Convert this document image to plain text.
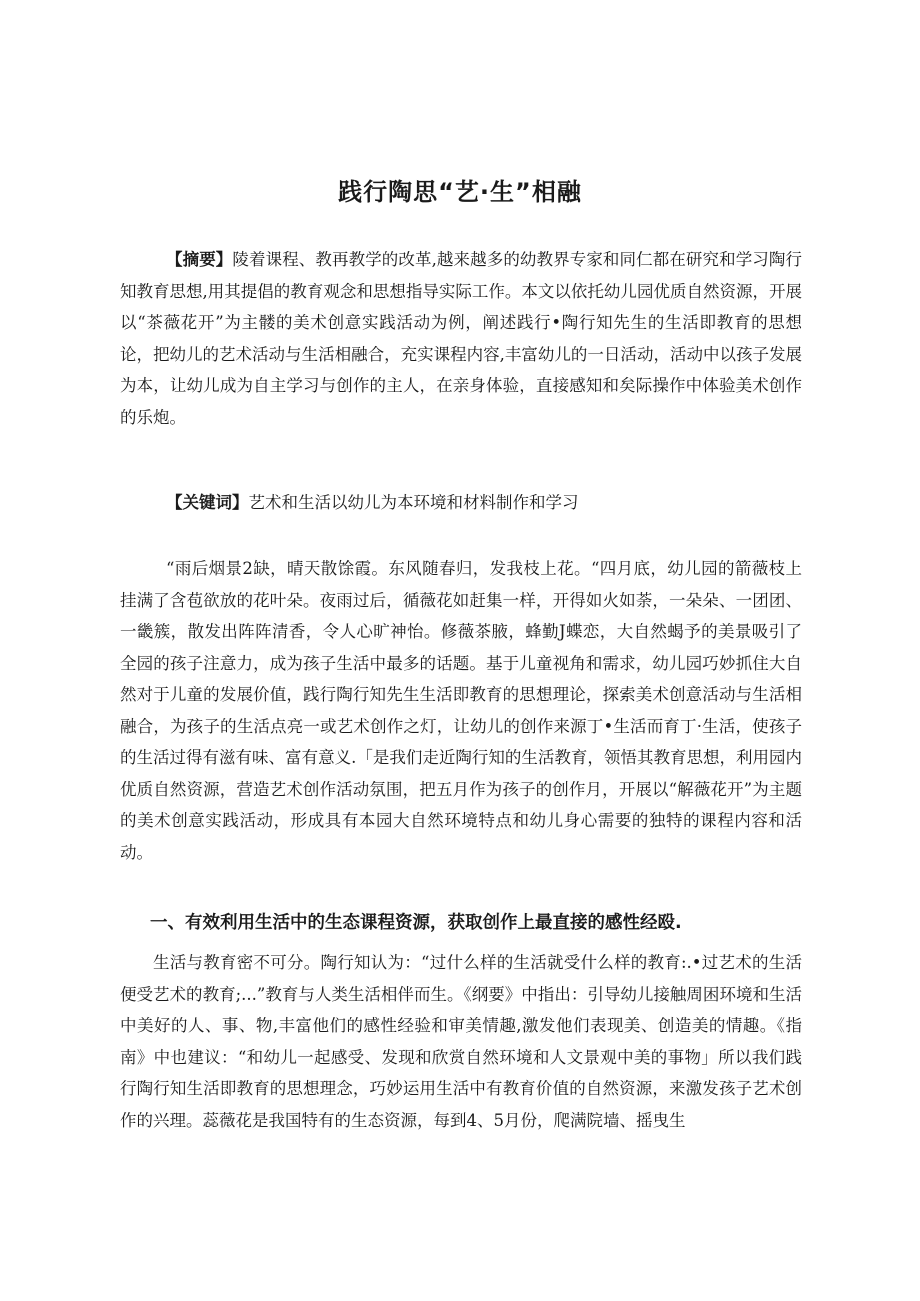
践行陶思“艺·生”相融

【摘要】陵着课程、教再教学的改革,越来越多的幼教界专家和同仁都在研究和学习陶行知教育思想,用其提倡的教育观念和思想指导实际工作。本文以依托幼儿园优质自然资源，开展以“茶薇花开”为主髅的美术创意实践活动为例，阐述践行•陶行知先生的生活即教育的思想论，把幼儿的艺术活动与生活相融合，充实课程内容,丰富幼儿的一日活动，活动中以孩子发展为本，让幼儿成为自主学习与创作的主人，在亲身体验，直接感知和矣际操作中体验美术创作的乐炮。

【关键词】艺术和生活以幼儿为本环境和材料制作和学习

“雨后烟景2缺，晴天散馀霞。东风随春归，发我枝上花。“四月底，幼儿园的箭薇枝上挂满了含苞欲放的花叶朵。夜雨过后，循薇花如赶集一样，开得如火如荼，一朵朵、一团团、一畿簇，散发出阵阵清香，令人心旷神怡。修薇茶腋，蜂勤J蝶恋，大自然蝎予的美景吸引了全园的孩子注意力，成为孩子生活中最多的话题。基于儿童视角和需求，幼儿园巧妙抓住大自然对于儿童的发展价值，践行陶行知先生生活即教育的思想理论，探索美术创意活动与生活相融合，为孩子的生活点亮一或艺术创作之灯，让幼儿的创作来源丁•生活而育丁·生活，使孩子的生活过得有滋有味、富有意义.「是我们走近陶行知的生活教育，领悟其教育思想，利用园内优质自然资源，营造艺术创作活动氛围，把五月作为孩子的创作月，开展以“解薇花开”为主题的美术创意实践活动，形成具有本园大自然环境特点和幼儿身心需要的独特的课程内容和活动。

一、有效利用生活中的生态课程资源，获取创作上最直接的感性经殴.

生活与教育密不可分。陶行知认为：“过什么样的生活就受什么样的教育:.•过艺术的生活便受艺术的教育;...”教育与人类生活相伴而生。《纲要》中指出：引导幼儿接触周困环境和生活中美好的人、事、物,丰富他们的感性经验和审美情趣,激发他们表现美、创造美的情趣。《指南》中也建议：“和幼儿一起感受、发现和欣赏自然环境和人文景观中美的事物」所以我们践行陶行知生活即教育的思想理念，巧妙运用生活中有教育价值的自然资源，来激发孩子艺术创作的兴理。蕊薇花是我国特有的生态资源，每到4、5月份，爬满院墙、摇曳生
